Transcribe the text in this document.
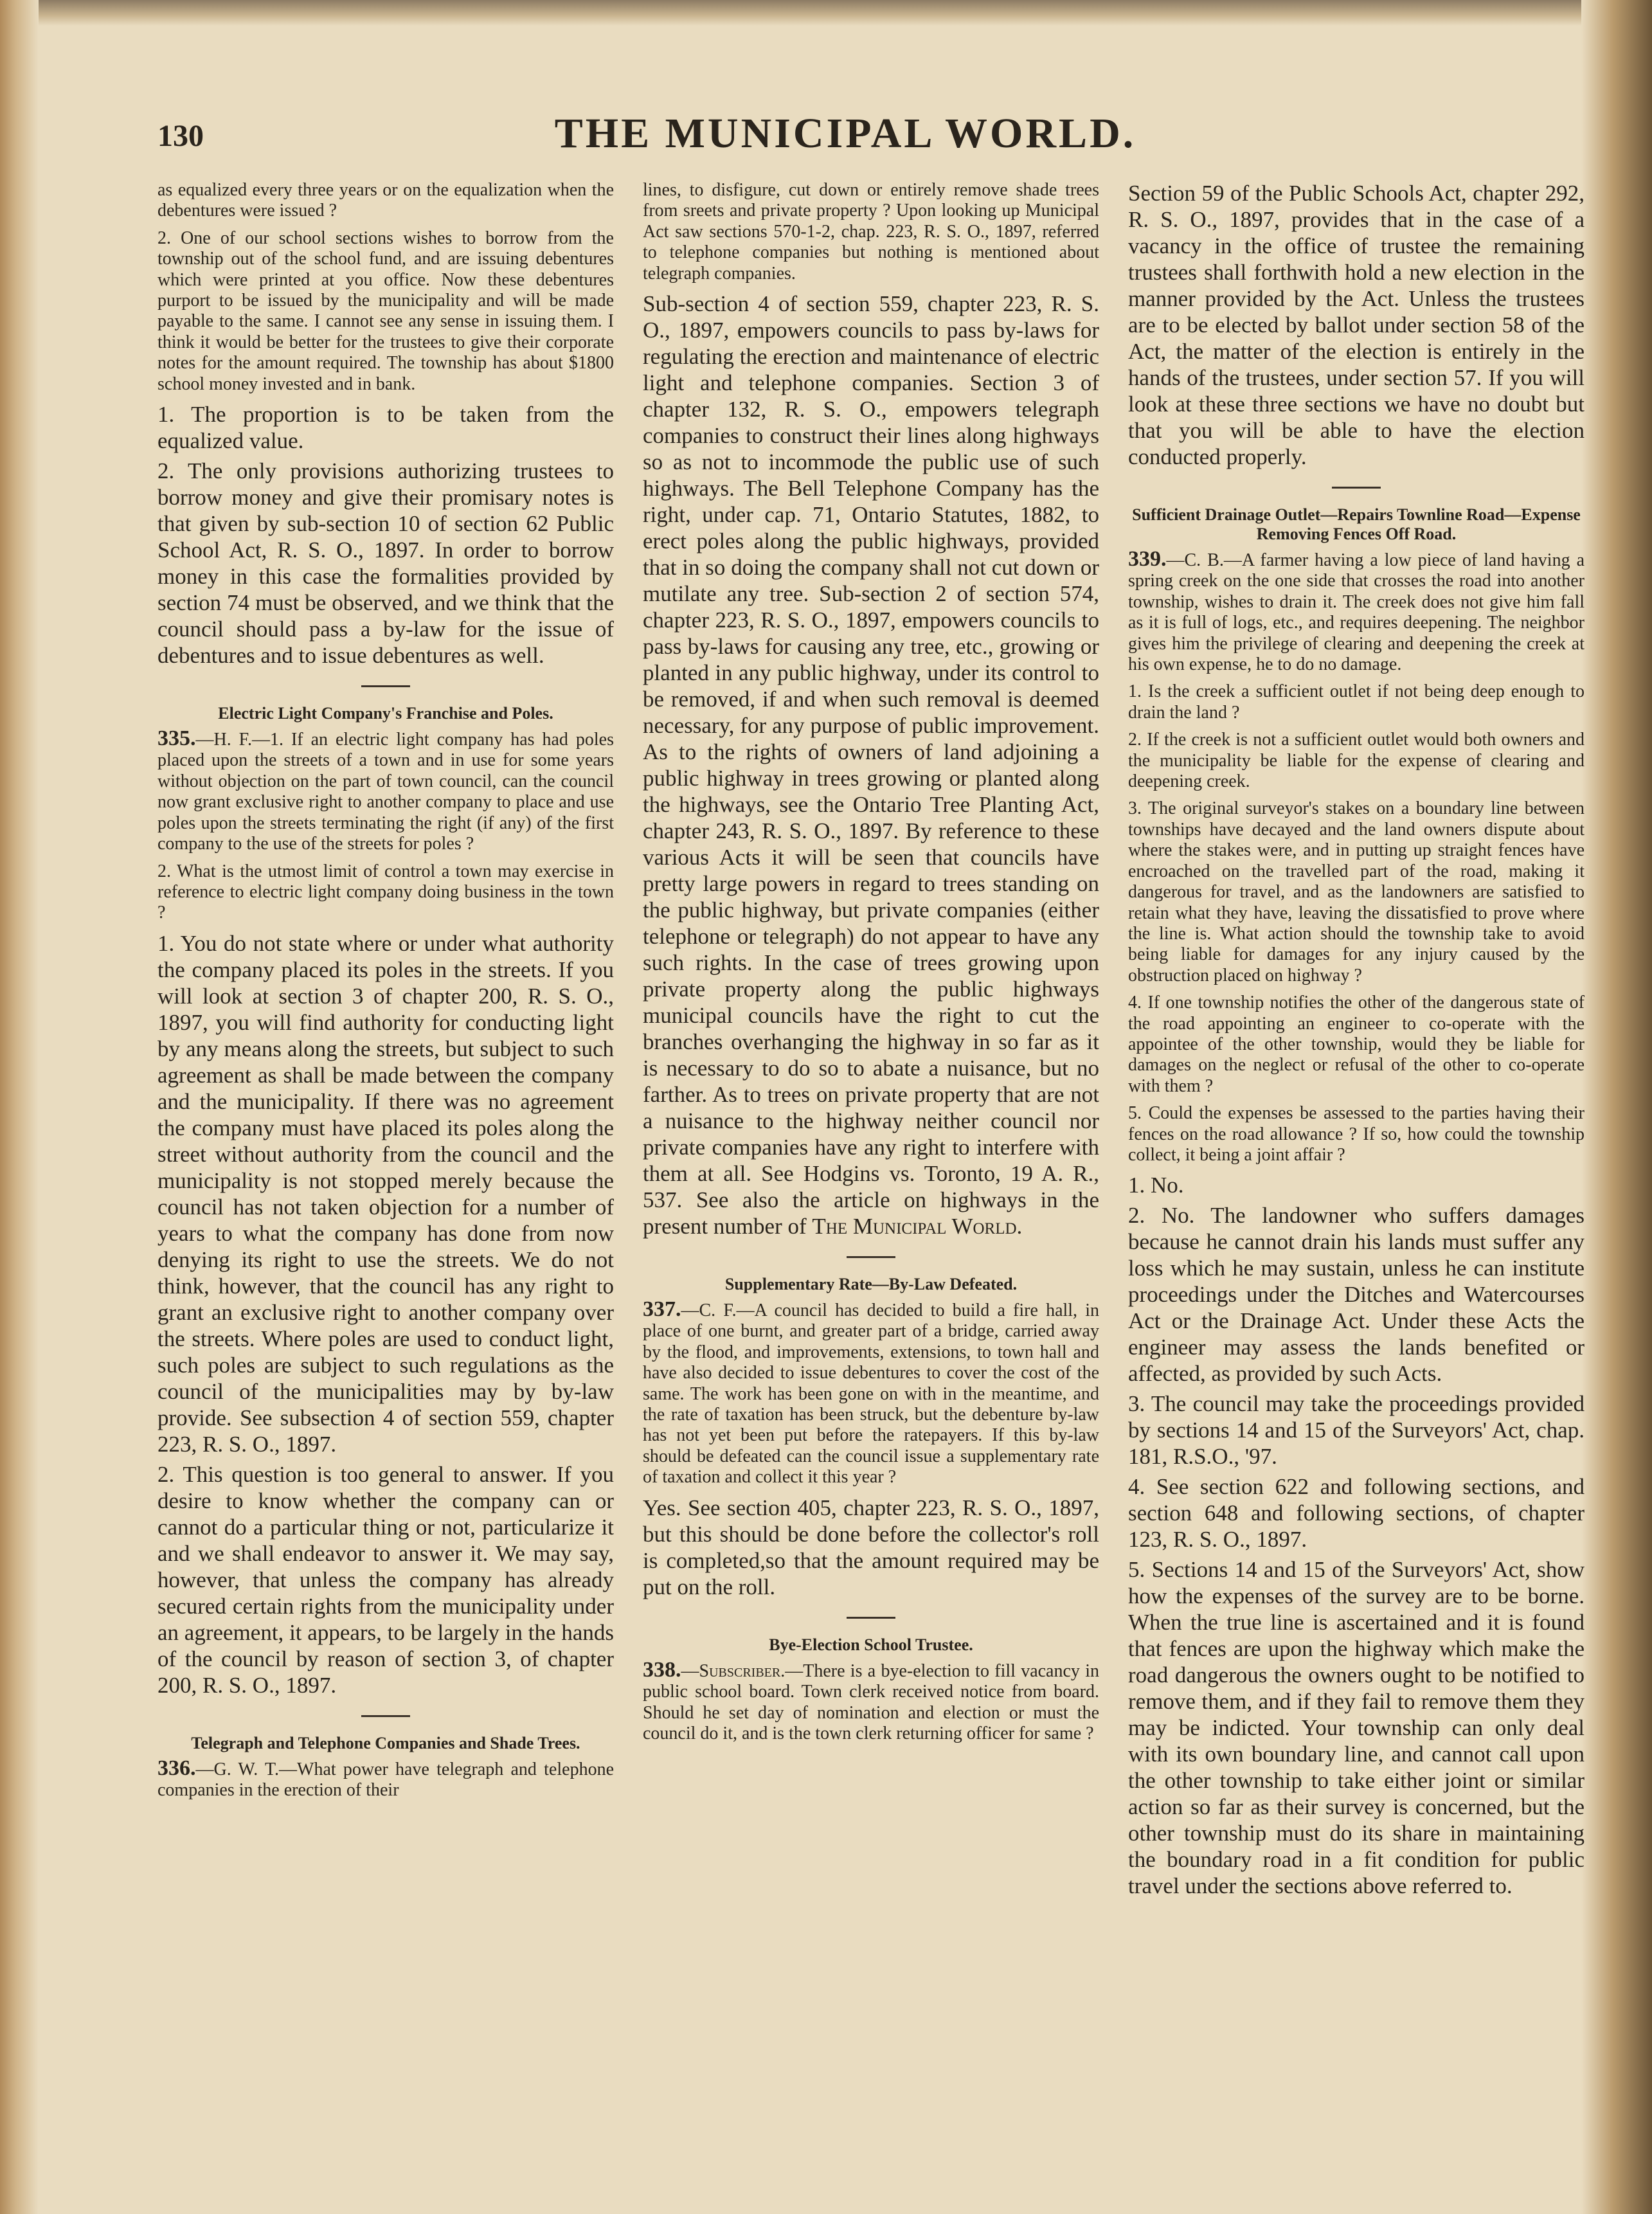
130	THE MUNICIPAL WORLD.

as equalized every three years or on the equalization when the debentures were issued ?

2. One of our school sections wishes to borrow from the township out of the school fund, and are issuing debentures which were printed at you office. Now these debentures purport to be issued by the municipality and will be made payable to the same. I cannot see any sense in issuing them. I think it would be better for the trustees to give their corporate notes for the amount required. The township has about $1800 school money invested and in bank.

1. The proportion is to be taken from the equalized value.

2. The only provisions authorizing trustees to borrow money and give their promisary notes is that given by sub-section 10 of section 62 Public School Act, R. S. O., 1897. In order to borrow money in this case the formalities provided by section 74 must be observed, and we think that the council should pass a by-law for the issue of debentures and to issue debentures as well.

Electric Light Company's Franchise and Poles.

335.—H. F.—1. If an electric light company has had poles placed upon the streets of a town and in use for some years without objection on the part of town council, can the council now grant exclusive right to another company to place and use poles upon the streets terminating the right (if any) of the first company to the use of the streets for poles ?

2. What is the utmost limit of control a town may exercise in reference to electric light company doing business in the town ?

1. You do not state where or under what authority the company placed its poles in the streets. If you will look at section 3 of chapter 200, R. S. O., 1897, you will find authority for conducting light by any means along the streets, but subject to such agreement as shall be made between the company and the municipality. If there was no agreement the company must have placed its poles along the street without authority from the council and the municipality is not stopped merely because the council has not taken objection for a number of years to what the company has done from now denying its right to use the streets. We do not think, however, that the council has any right to grant an exclusive right to another company over the streets. Where poles are used to conduct light, such poles are subject to such regulations as the council of the municipalities may by by-law provide. See subsection 4 of section 559, chapter 223, R. S. O., 1897.

2. This question is too general to answer. If you desire to know whether the company can or cannot do a particular thing or not, particularize it and we shall endeavor to answer it. We may say, however, that unless the company has already secured certain rights from the municipality under an agreement, it appears, to be largely in the hands of the council by reason of section 3, of chapter 200, R. S. O., 1897.

Telegraph and Telephone Companies and Shade Trees.

336.—G. W. T.—What power have telegraph and telephone companies in the erection of their

lines, to disfigure, cut down or entirely remove shade trees from sreets and private property ? Upon looking up Municipal Act saw sections 570-1-2, chap. 223, R. S. O., 1897, referred to telephone companies but nothing is mentioned about telegraph companies.

Sub-section 4 of section 559, chapter 223, R. S. O., 1897, empowers councils to pass by-laws for regulating the erection and maintenance of electric light and telephone companies. Section 3 of chapter 132, R. S. O., empowers telegraph companies to construct their lines along highways so as not to incommode the public use of such highways. The Bell Telephone Company has the right, under cap. 71, Ontario Statutes, 1882, to erect poles along the public highways, provided that in so doing the company shall not cut down or mutilate any tree. Sub-section 2 of section 574, chapter 223, R. S. O., 1897, empowers councils to pass by-laws for causing any tree, etc., growing or planted in any public highway, under its control to be removed, if and when such removal is deemed necessary, for any purpose of public improvement. As to the rights of owners of land adjoining a public highway in trees growing or planted along the highways, see the Ontario Tree Planting Act, chapter 243, R. S. O., 1897. By reference to these various Acts it will be seen that councils have pretty large powers in regard to trees standing on the public highway, but private companies (either telephone or telegraph) do not appear to have any such rights. In the case of trees growing upon private property along the public highways municipal councils have the right to cut the branches overhanging the highway in so far as it is necessary to do so to abate a nuisance, but no farther. As to trees on private property that are not a nuisance to the highway neither council nor private companies have any right to interfere with them at all. See Hodgins vs. Toronto, 19 A. R., 537. See also the article on highways in the present number of The Municipal World.

Supplementary Rate—By-Law Defeated.

337.—C. F.—A council has decided to build a fire hall, in place of one burnt, and greater part of a bridge, carried away by the flood, and improvements, extensions, to town hall and have also decided to issue debentures to cover the cost of the same. The work has been gone on with in the meantime, and the rate of taxation has been struck, but the debenture by-law has not yet been put before the ratepayers. If this by-law should be defeated can the council issue a supplementary rate of taxation and collect it this year ?

Yes. See section 405, chapter 223, R. S. O., 1897, but this should be done before the collector's roll is completed,so that the amount required may be put on the roll.

Bye-Election School Trustee.

338.—Subscriber.—There is a bye-election to fill vacancy in public school board. Town clerk received notice from board. Should he set day of nomination and election or must the council do it, and is the town clerk returning officer for same ?

Section 59 of the Public Schools Act, chapter 292, R. S. O., 1897, provides that in the case of a vacancy in the office of trustee the remaining trustees shall forthwith hold a new election in the manner provided by the Act. Unless the trustees are to be elected by ballot under section 58 of the Act, the matter of the election is entirely in the hands of the trustees, under section 57. If you will look at these three sections we have no doubt but that you will be able to have the election conducted properly.

Sufficient Drainage Outlet—Repairs Townline Road—Expense Removing Fences Off Road.

339.—C. B.—A farmer having a low piece of land having a spring creek on the one side that crosses the road into another township, wishes to drain it. The creek does not give him fall as it is full of logs, etc., and requires deepening. The neighbor gives him the privilege of clearing and deepening the creek at his own expense, he to do no damage.

1. Is the creek a sufficient outlet if not being deep enough to drain the land ?

2. If the creek is not a sufficient outlet would both owners and the municipality be liable for the expense of clearing and deepening creek.

3. The original surveyor's stakes on a boundary line between townships have decayed and the land owners dispute about where the stakes were, and in putting up straight fences have encroached on the travelled part of the road, making it dangerous for travel, and as the landowners are satisfied to retain what they have, leaving the dissatisfied to prove where the line is. What action should the township take to avoid being liable for damages for any injury caused by the obstruction placed on highway ?

4. If one township notifies the other of the dangerous state of the road appointing an engineer to co-operate with the appointee of the other township, would they be liable for damages on the neglect or refusal of the other to co-operate with them ?

5. Could the expenses be assessed to the parties having their fences on the road allowance ? If so, how could the township collect, it being a joint affair ?

1. No.

2. No. The landowner who suffers damages because he cannot drain his lands must suffer any loss which he may sustain, unless he can institute proceedings under the Ditches and Watercourses Act or the Drainage Act. Under these Acts the engineer may assess the lands benefited or affected, as provided by such Acts.

3. The council may take the proceedings provided by sections 14 and 15 of the Surveyors' Act, chap. 181, R.S.O., '97.

4. See section 622 and following sections, and section 648 and following sections, of chapter 123, R. S. O., 1897.

5. Sections 14 and 15 of the Surveyors' Act, show how the expenses of the survey are to be borne. When the true line is ascertained and it is found that fences are upon the highway which make the road dangerous the owners ought to be notified to remove them, and if they fail to remove them they may be indicted. Your township can only deal with its own boundary line, and cannot call upon the other township to take either joint or similar action so far as their survey is concerned, but the other township must do its share in maintaining the boundary road in a fit condition for public travel under the sections above referred to.
